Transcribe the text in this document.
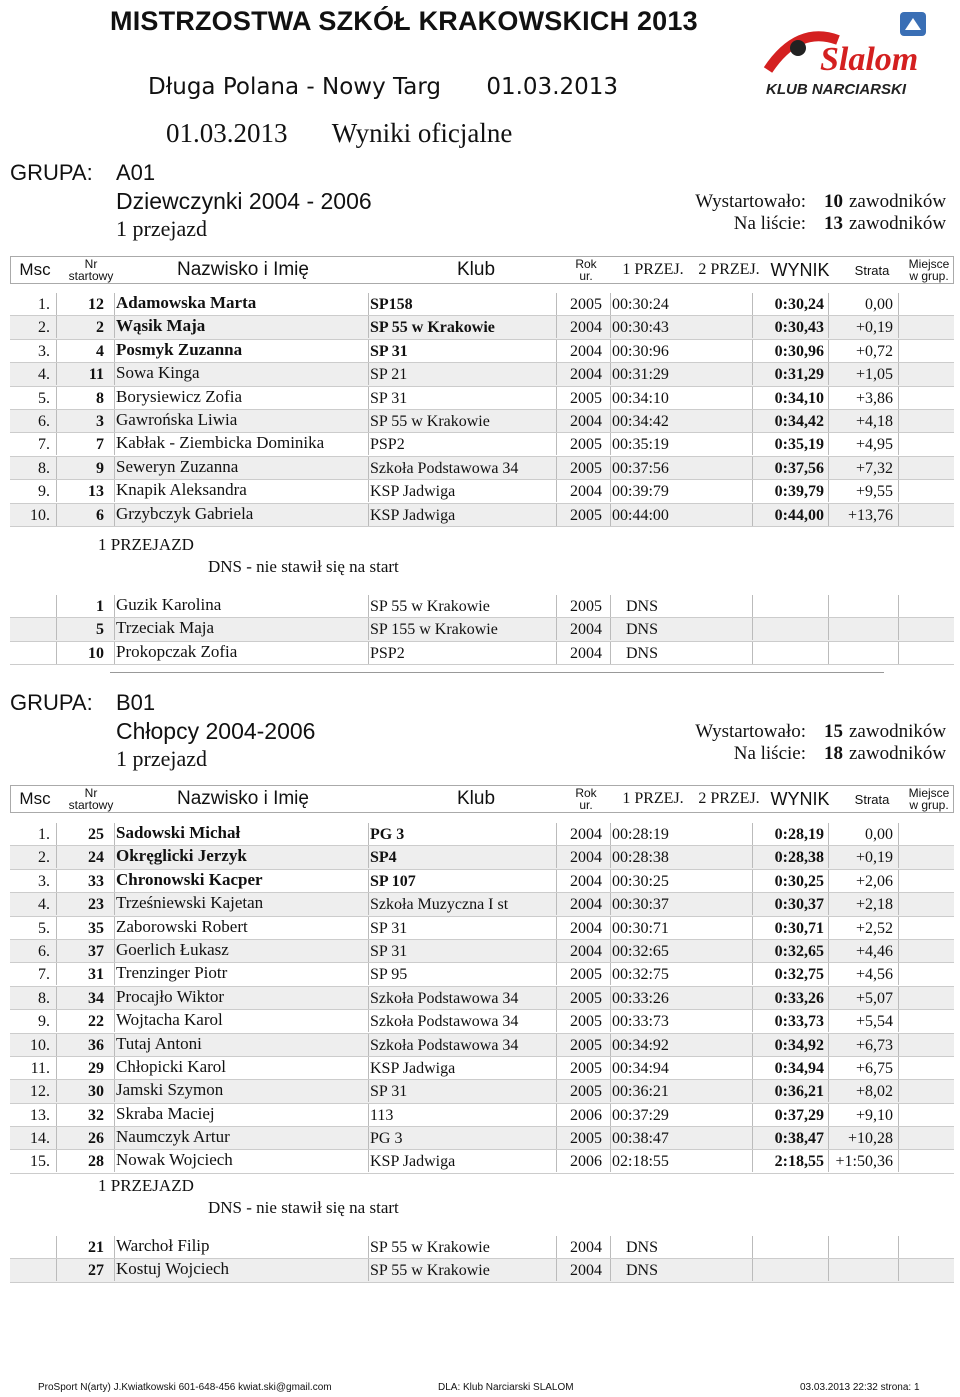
MISTRZOSTWA SZKÓŁ KRAKOWSKICH 2013
Długa Polana - Nowy Targ 01.03.2013
Slalom
KLUB NARCIARSKI
01.03.2013 Wyniki oficjalne
GRUPA: A01
Dziewczynki 2004 - 2006
1 przejazd
Wystartowało:
Na liście:
10 zawodników
13 zawodników
Msc	Nr
startowy	Nazwisko i Imię	Klub	Rok
ur.	1 PRZEJ. 2 PRZEJ. WYNIK	Strata	Miejsce
w grup.
1.	12 Adamowska Marta	SP158	2005 00:30:24	0:30,24	0,00
2.	2 Wąsik Maja	SP 55 w Krakowie	2004 00:30:43	0:30,43	+0,19
3.	4 Posmyk Zuzanna	SP 31	2004 00:30:96	0:30,96	+0,72
4.	11 Sowa Kinga	SP 21	2004 00:31:29	0:31,29	+1,05
5.	8 Borysiewicz Zofia	SP 31	2005 00:34:10	0:34,10	+3,86
6.	3 Gawrońska Liwia	SP 55 w Krakowie	2004 00:34:42	0:34,42	+4,18
7.	7 Kabłak - Ziembicka Dominika	PSP2	2005 00:35:19	0:35,19	+4,95
8.	9 Seweryn Zuzanna	Szkoła Podstawowa 34	2005 00:37:56	0:37,56	+7,32
9.	13 Knapik Aleksandra	KSP Jadwiga	2004 00:39:79	0:39,79	+9,55
10.	6 Grzybczyk Gabriela	KSP Jadwiga	2005 00:44:00	0:44,00	+13,76
1 PRZEJAZD
DNS - nie stawił się na start
1 Guzik Karolina	SP 55 w Krakowie	2005 DNS
5 Trzeciak Maja	SP 155 w Krakowie	2004 DNS
10 Prokopczak Zofia	PSP2	2004 DNS
GRUPA: B01
Chłopcy 2004-2006
1 przejazd
Wystartowało:
Na liście:
15 zawodników
18 zawodników
Msc	Nr
startowy	Nazwisko i Imię	Klub	Rok
ur.	1 PRZEJ. 2 PRZEJ. WYNIK	Strata	Miejsce
w grup.
1.	25 Sadowski Michał	PG 3	2004 00:28:19	0:28,19	0,00
2.	24 Okręglicki Jerzyk	SP4	2004 00:28:38	0:28,38	+0,19
3.	33 Chronowski Kacper	SP 107	2004 00:30:25	0:30,25	+2,06
4.	23 Trześniewski Kajetan	Szkoła Muzyczna I st	2004 00:30:37	0:30,37	+2,18
5.	35 Zaborowski Robert	SP 31	2004 00:30:71	0:30,71	+2,52
6.	37 Goerlich Łukasz	SP 31	2004 00:32:65	0:32,65	+4,46
7.	31 Trenzinger Piotr	SP 95	2005 00:32:75	0:32,75	+4,56
8.	34 Procajło Wiktor	Szkoła Podstawowa 34	2005 00:33:26	0:33,26	+5,07
9.	22 Wojtacha Karol	Szkoła Podstawowa 34	2005 00:33:73	0:33,73	+5,54
10.	36 Tutaj Antoni	Szkoła Podstawowa 34	2005 00:34:92	0:34,92	+6,73
11.	29 Chłopicki Karol	KSP Jadwiga	2005 00:34:94	0:34,94	+6,75
12.	30 Jamski Szymon	SP 31	2005 00:36:21	0:36,21	+8,02
13.	32 Skraba Maciej	113	2006 00:37:29	0:37,29	+9,10
14.	26 Naumczyk Artur	PG 3	2005 00:38:47	0:38,47	+10,28
15.	28 Nowak Wojciech	KSP Jadwiga	2006 02:18:55	2:18,55 +1:50,36
1 PRZEJAZD
DNS - nie stawił się na start
21 Warchoł Filip	SP 55 w Krakowie	2004 DNS
27 Kostuj Wojciech	SP 55 w Krakowie	2004 DNS
ProSport N(arty) J.Kwiatkowski 601-648-456 kwiat.ski@gmail.com	DLA: Klub Narciarski SLALOM	03.03.2013 22:32 strona: 1
